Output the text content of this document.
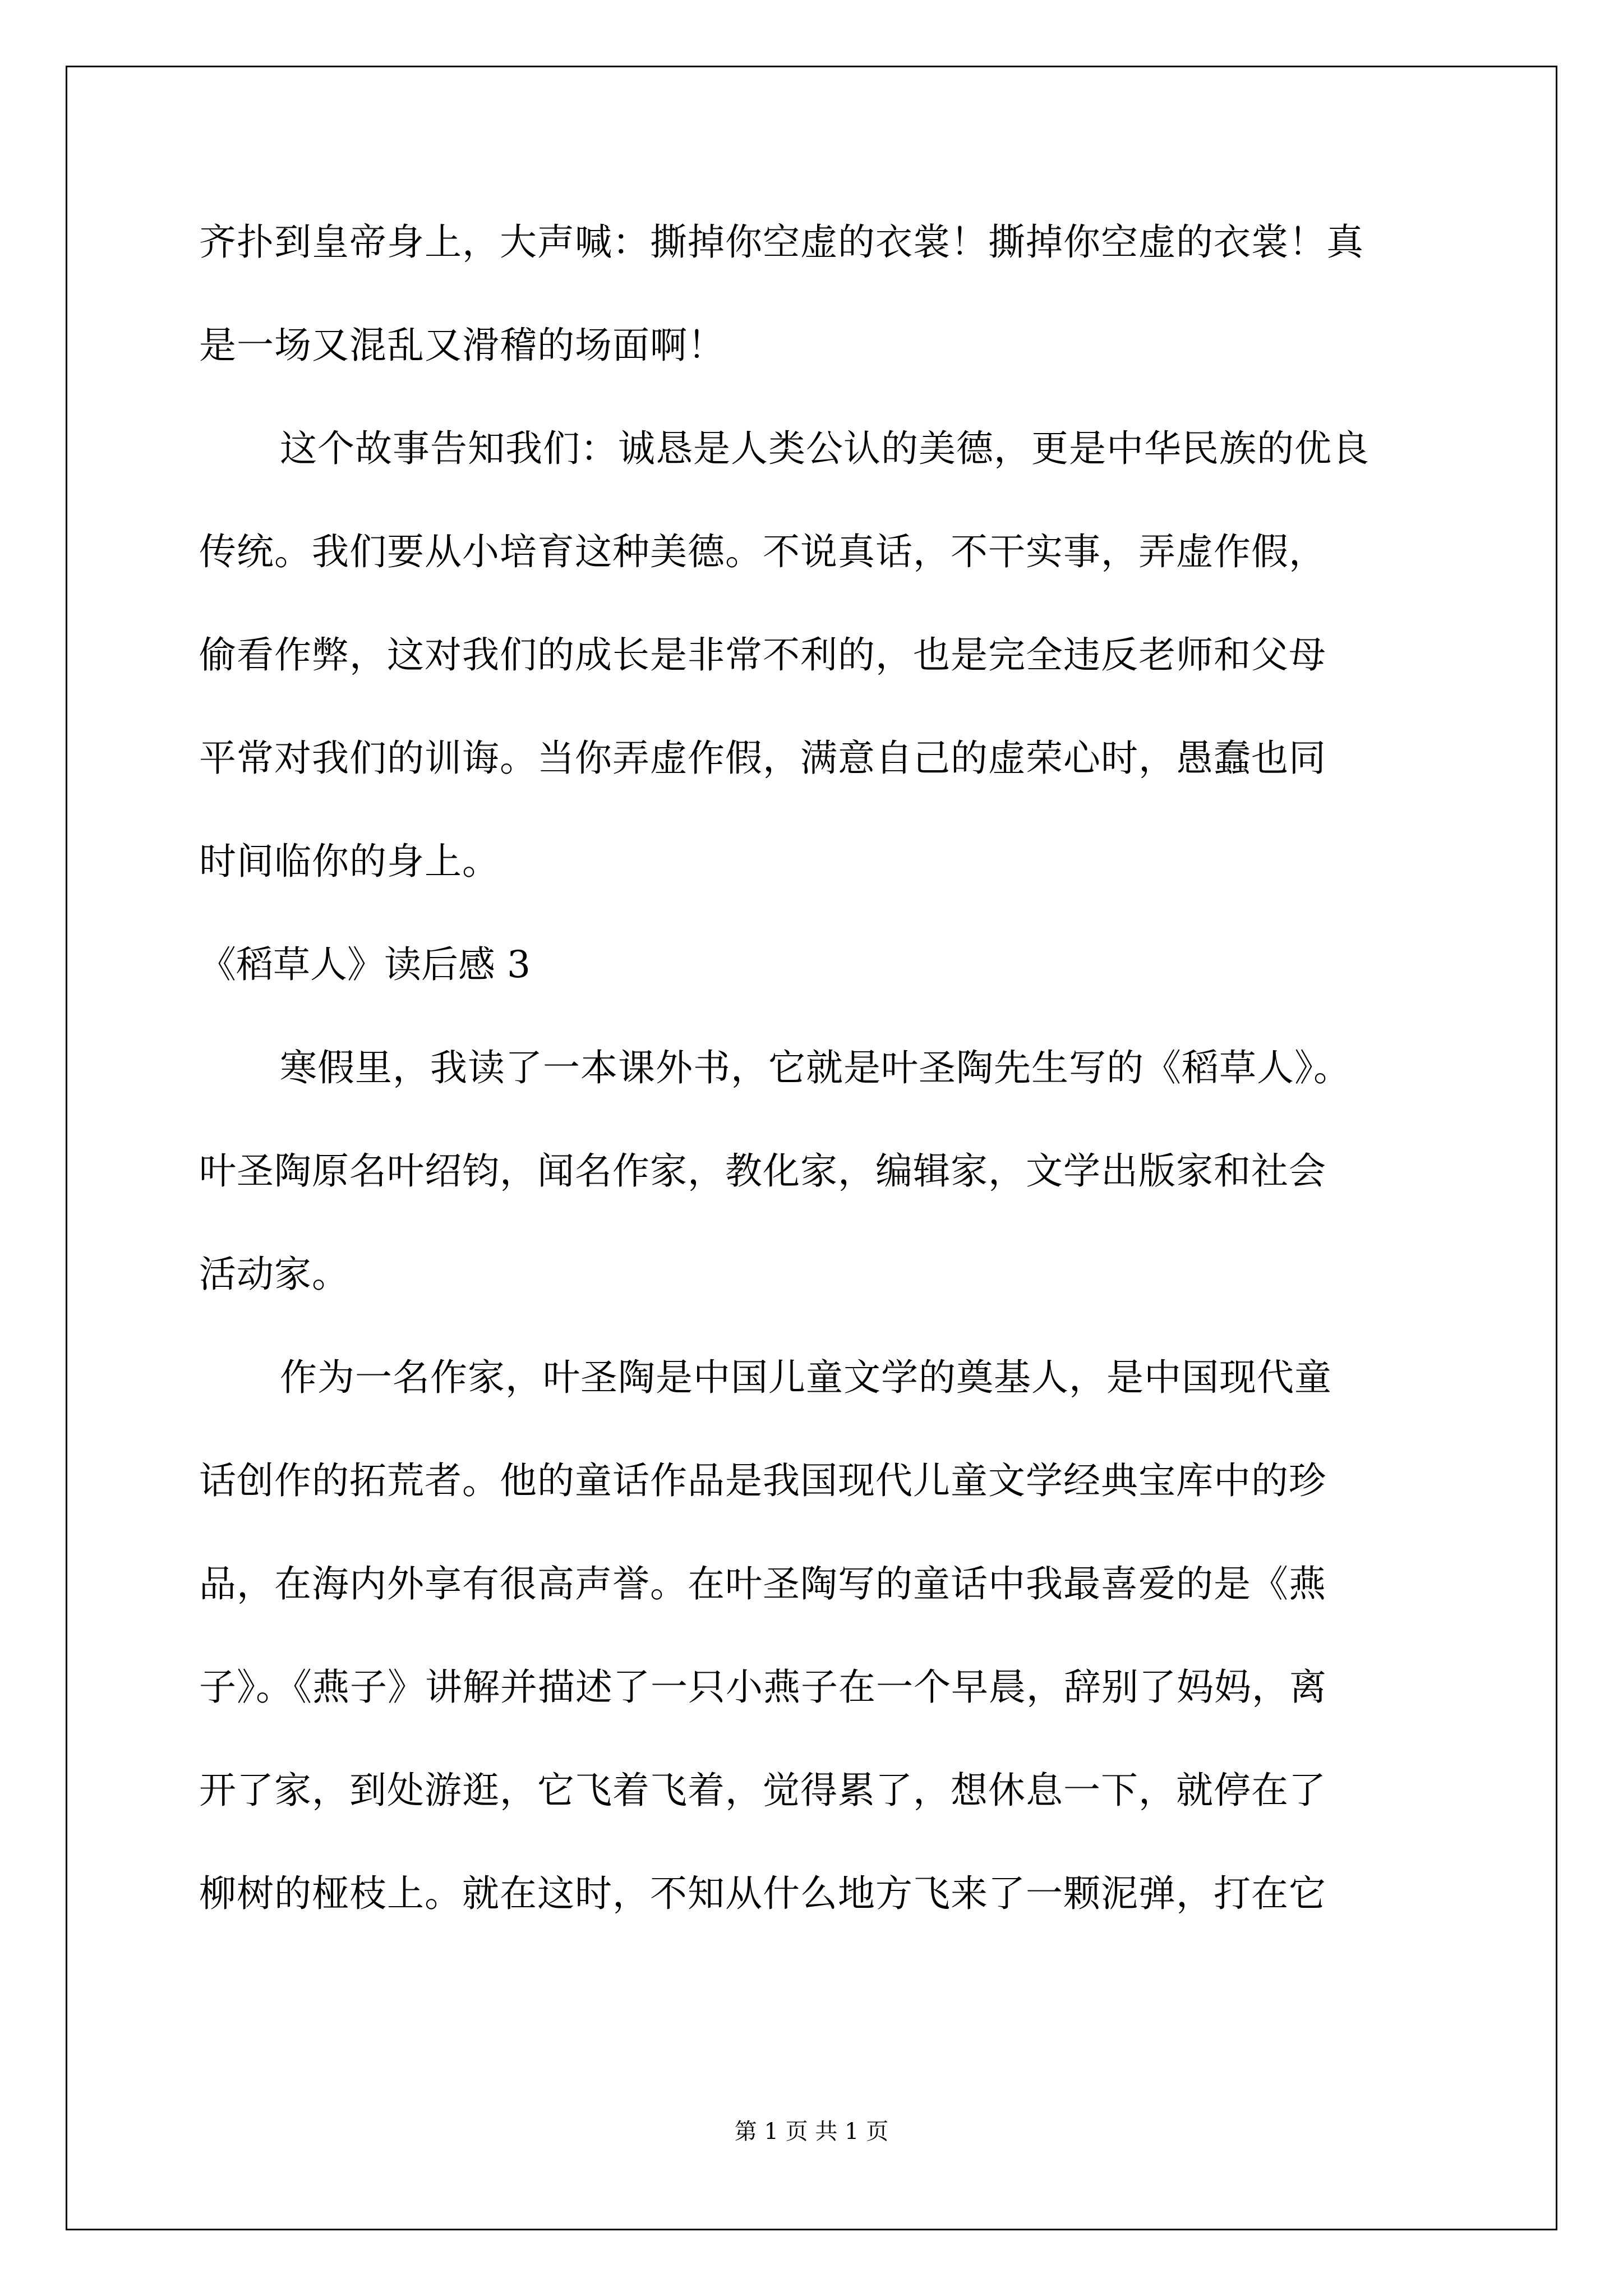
齐扑到皇帝身上，大声喊：撕掉你空虚的衣裳！撕掉你空虚的衣裳！真
是一场又混乱又滑稽的场面啊！

这个故事告知我们：诚恳是人类公认的美德，更是中华民族的优良
传统。我们要从小培育这种美德。不说真话，不干实事，弄虚作假，
偷看作弊，这对我们的成长是非常不利的，也是完全违反老师和父母
平常对我们的训诲。当你弄虚作假，满意自己的虚荣心时，愚蠢也同
时间临你的身上。

《稻草人》读后感 3

寒假里，我读了一本课外书，它就是叶圣陶先生写的《稻草人》。
叶圣陶原名叶绍钧，闻名作家，教化家，编辑家，文学出版家和社会
活动家。

作为一名作家，叶圣陶是中国儿童文学的奠基人，是中国现代童
话创作的拓荒者。他的童话作品是我国现代儿童文学经典宝库中的珍
品，在海内外享有很高声誉。在叶圣陶写的童话中我最喜爱的是《燕
子》。《燕子》讲解并描述了一只小燕子在一个早晨，辞别了妈妈，离
开了家，到处游逛，它飞着飞着，觉得累了，想休息一下，就停在了
柳树的桠枝上。就在这时，不知从什么地方飞来了一颗泥弹，打在它

第 1 页 共 1 页
